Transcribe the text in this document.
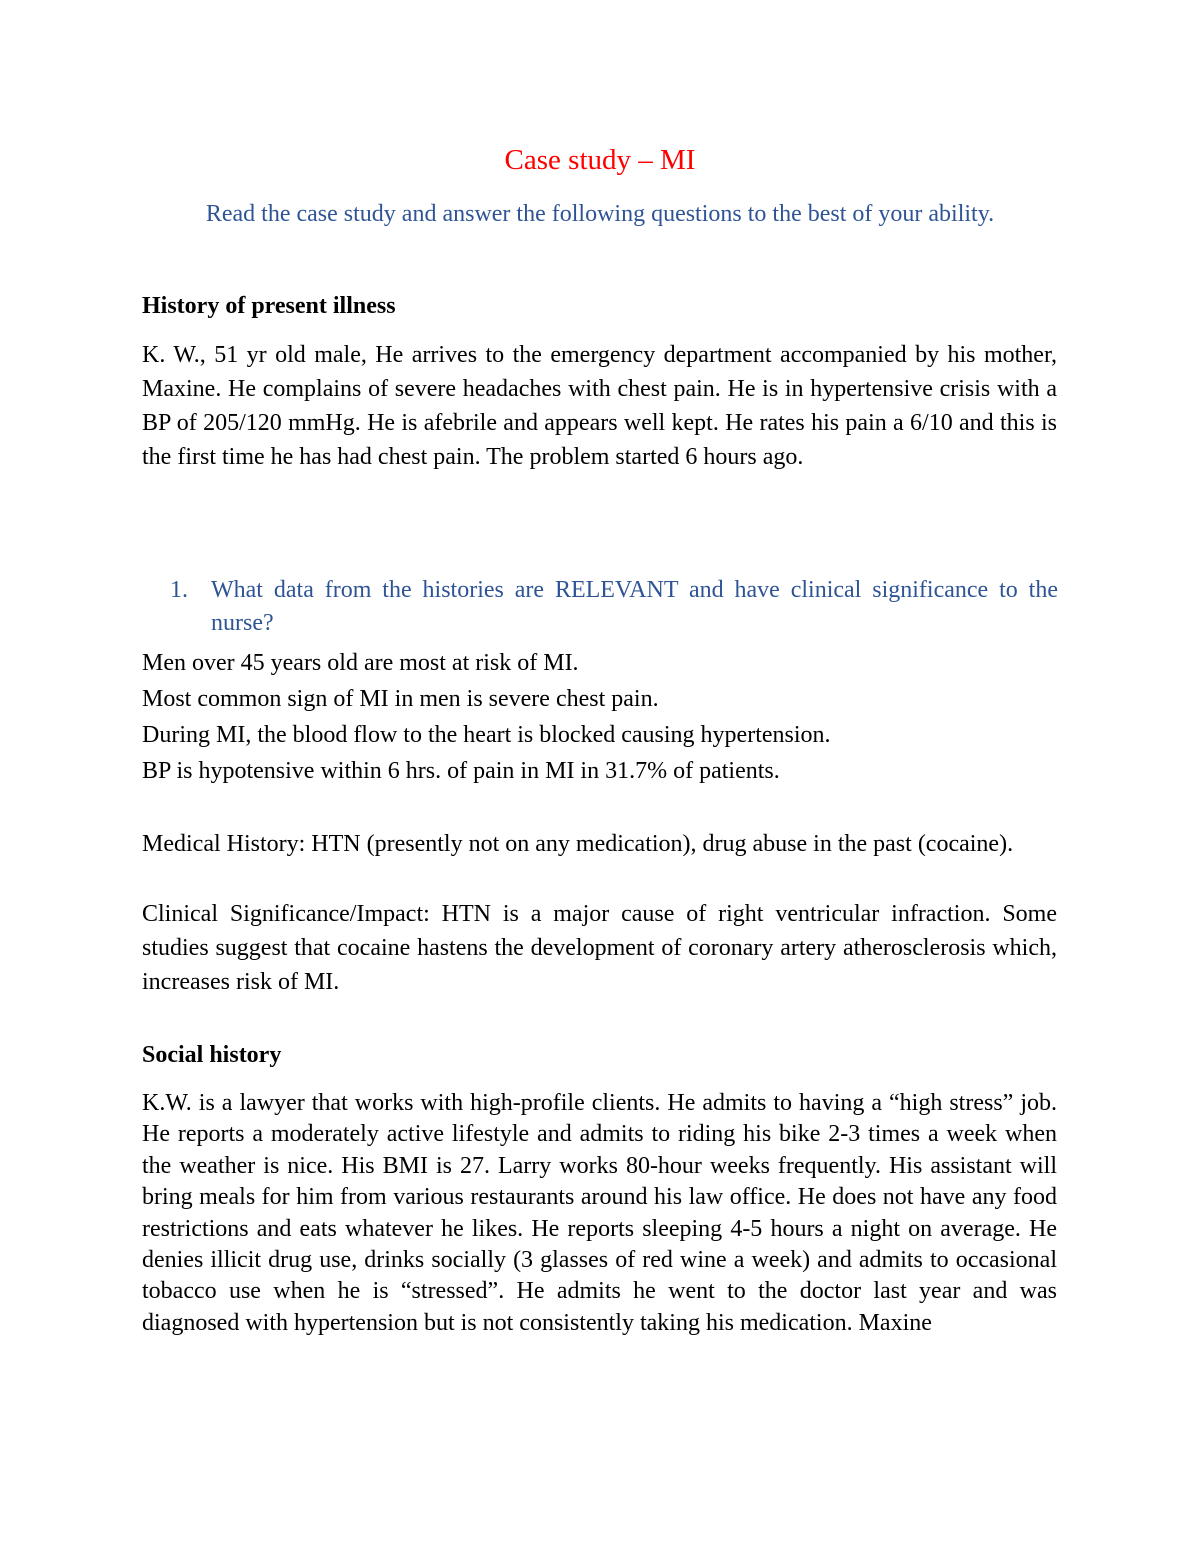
Case study – MI
Read the case study and answer the following questions to the best of your ability.
History of present illness
K. W., 51 yr old male, He arrives to the emergency department accompanied by his mother, Maxine. He complains of severe headaches with chest pain. He is in hypertensive crisis with a BP of 205/120 mmHg. He is afebrile and appears well kept. He rates his pain a 6/10 and this is the first time he has had chest pain. The problem started 6 hours ago.
1. What data from the histories are RELEVANT and have clinical significance to the nurse?
Men over 45 years old are most at risk of MI.
Most common sign of MI in men is severe chest pain.
During MI, the blood flow to the heart is blocked causing hypertension.
BP is hypotensive within 6 hrs. of pain in MI in 31.7% of patients.
Medical History: HTN (presently not on any medication), drug abuse in the past (cocaine).
Clinical Significance/Impact: HTN is a major cause of right ventricular infraction. Some studies suggest that cocaine hastens the development of coronary artery atherosclerosis which, increases risk of MI.
Social history
K.W. is a lawyer that works with high-profile clients. He admits to having a “high stress” job. He reports a moderately active lifestyle and admits to riding his bike 2-3 times a week when the weather is nice. His BMI is 27. Larry works 80-hour weeks frequently. His assistant will bring meals for him from various restaurants around his law office. He does not have any food restrictions and eats whatever he likes. He reports sleeping 4-5 hours a night on average. He denies illicit drug use, drinks socially (3 glasses of red wine a week) and admits to occasional tobacco use when he is “stressed”. He admits he went to the doctor last year and was diagnosed with hypertension but is not consistently taking his medication. Maxine
